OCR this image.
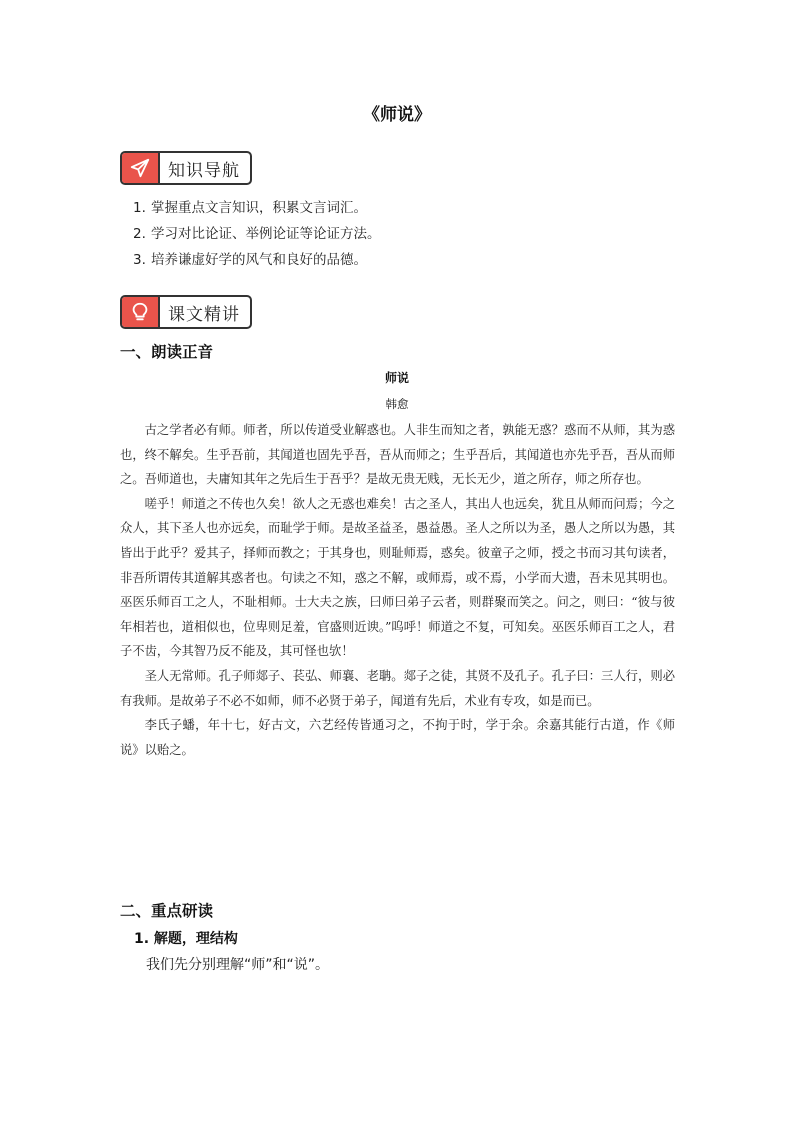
《师说》
知识导航
1. 掌握重点文言知识，积累文言词汇。
2. 学习对比论证、举例论证等论证方法。
3. 培养谦虚好学的风气和良好的品德。
课文精讲
一、朗读正音
师说
韩愈

古之学者必有师。师者，所以传道受业解惑也。人非生而知之者，孰能无惑？惑而不从师，其为惑也，终不解矣。生乎吾前，其闻道也固先乎吾，吾从而师之；生乎吾后，其闻道也亦先乎吾，吾从而师之。吾师道也，夫庸知其年之先后生于吾乎？是故无贵无贱，无长无少，道之所存，师之所存也。

嗟乎！师道之不传也久矣！欲人之无惑也难矣！古之圣人，其出人也远矣，犹且从师而问焉；今之众人，其下圣人也亦远矣，而耻学于师。是故圣益圣，愚益愚。圣人之所以为圣，愚人之所以为愚，其皆出于此乎？爱其子，择师而教之；于其身也，则耻师焉，惑矣。彼童子之师，授之书而习其句读者，非吾所谓传其道解其惑者也。句读之不知，惑之不解，或师焉，或不焉，小学而大遗，吾未见其明也。巫医乐师百工之人，不耻相师。士大夫之族，曰师曰弟子云者，则群聚而笑之。问之，则曰：“彼与彼年相若也，道相似也，位卑则足羞，官盛则近谀。”呜呼！师道之不复，可知矣。巫医乐师百工之人，君子不齿，今其智乃反不能及，其可怪也欤！

圣人无常师。孔子师郯子、苌弘、师襄、老聃。郯子之徒，其贤不及孔子。孔子曰：三人行，则必有我师。是故弟子不必不如师，师不必贤于弟子，闻道有先后，术业有专攻，如是而已。

李氏子蟠，年十七，好古文，六艺经传皆通习之，不拘于时，学于余。余嘉其能行古道，作《师说》以贻之。

二、重点研读
1. 解题，理结构
我们先分别理解“师”和“说”。
